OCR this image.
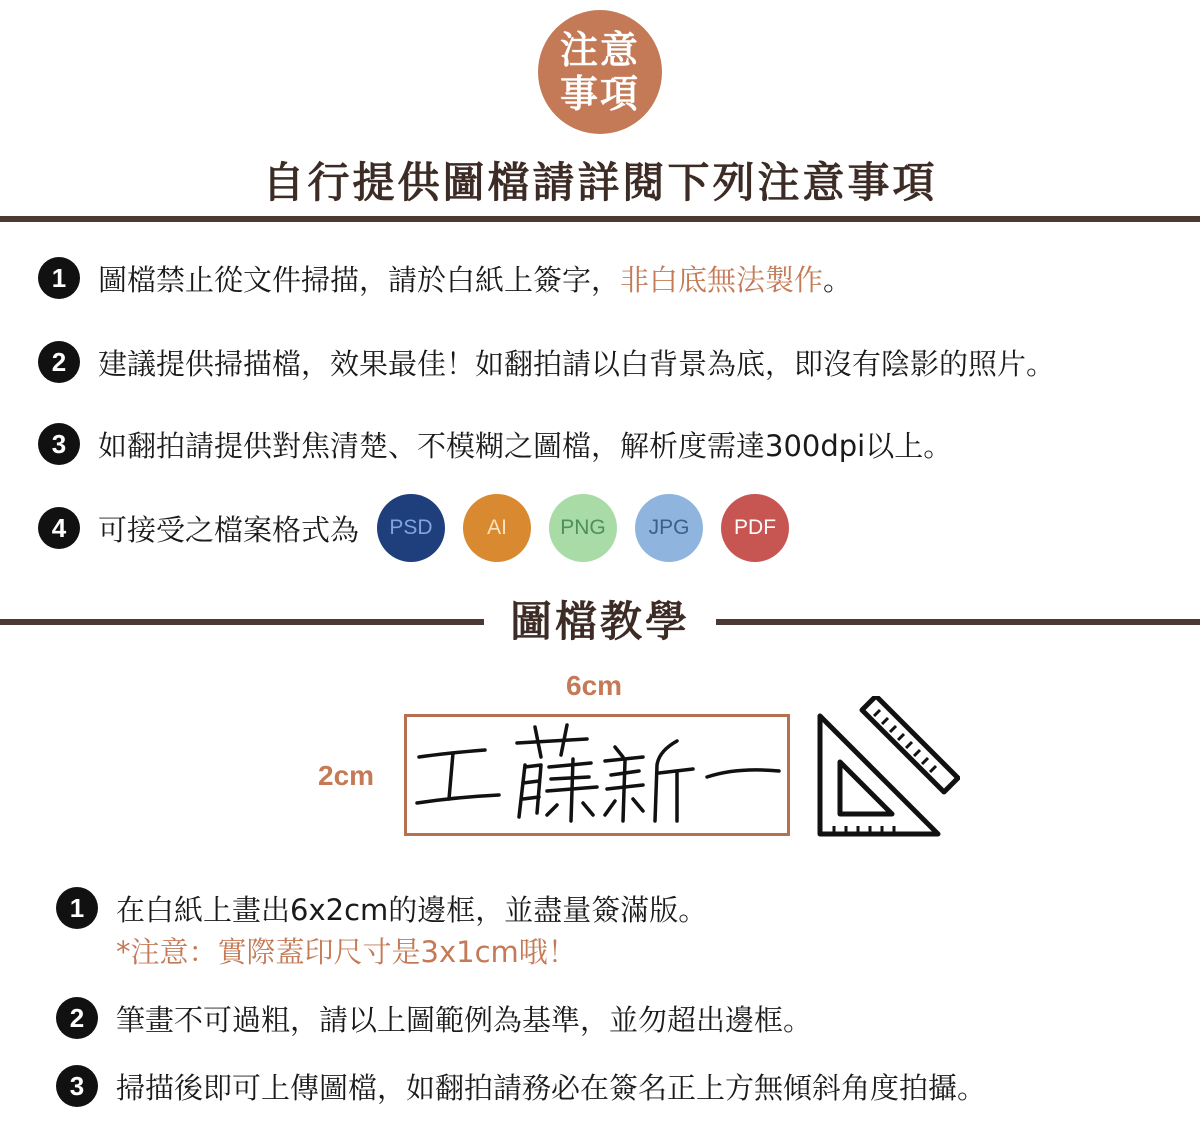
注意
事項
自行提供圖檔請詳閱下列注意事項
1	圖檔禁止從文件掃描，請於白紙上簽字， 非白底無法製作 。
2	建議提供掃描檔，效果最佳！如翻拍請以白背景為底，即沒有陰影的照片。
3	如翻拍請提供對焦清楚、不模糊之圖檔，解析度需達300dpi以上。
4	可接受之檔案格式為	PSD	AI	PNG	JPG	PDF
圖檔教學
6cm
2cm
1	在白紙上畫出6x2cm的邊框，並盡量簽滿版。
*注意：實際蓋印尺寸是3x1cm哦！
2	筆畫不可過粗，請以上圖範例為基準，並勿超出邊框。
3	掃描後即可上傳圖檔，如翻拍請務必在簽名正上方無傾斜角度拍攝。
